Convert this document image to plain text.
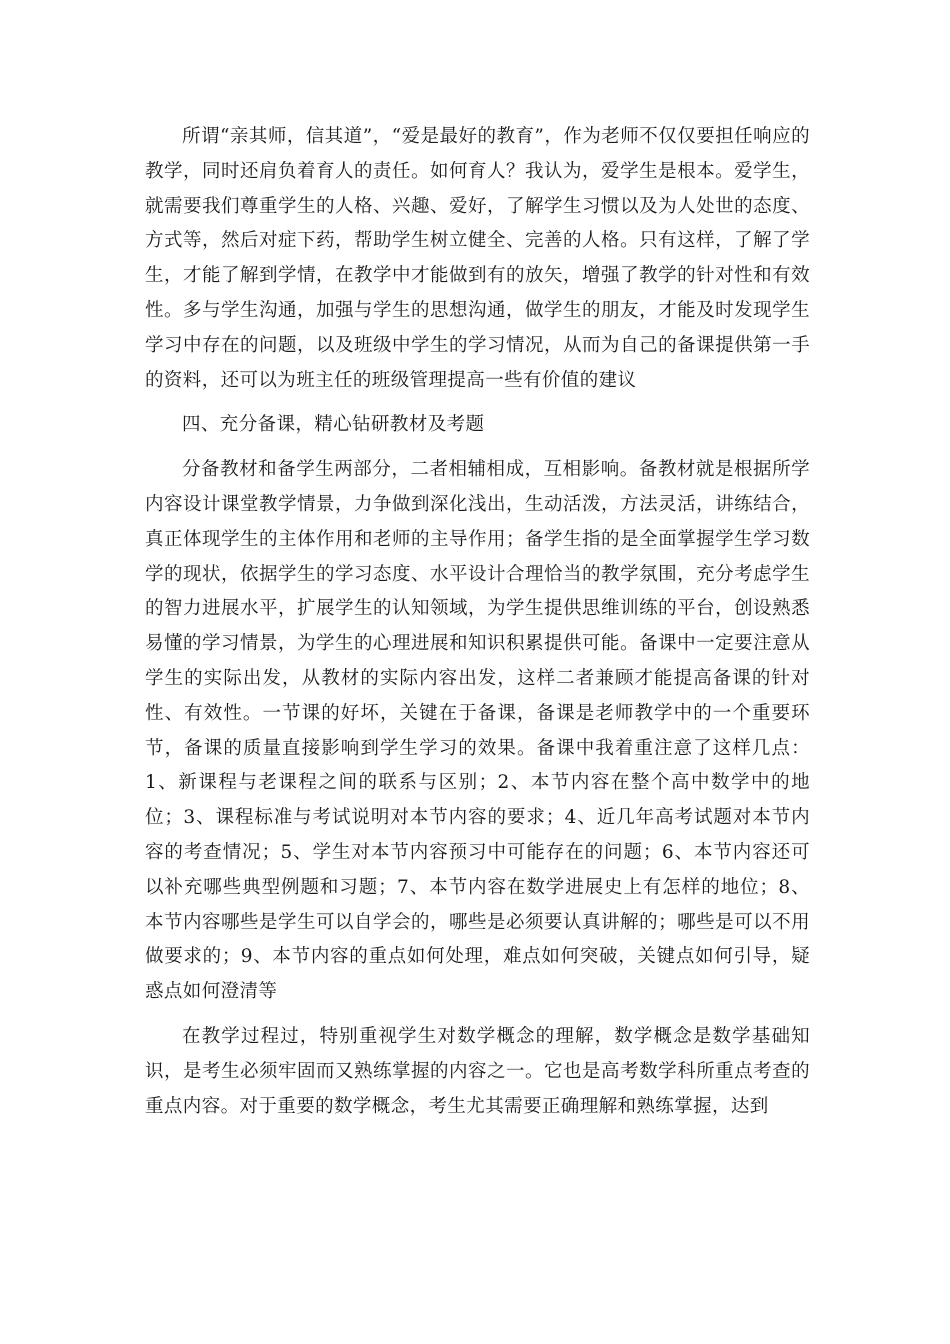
所谓“亲其师，信其道”，“爱是最好的教育”，作为老师不仅仅要担任响应的教学，同时还肩负着育人的责任。如何育人？我认为，爱学生是根本。爱学生，就需要我们尊重学生的人格、兴趣、爱好，了解学生习惯以及为人处世的态度、方式等，然后对症下药，帮助学生树立健全、完善的人格。只有这样，了解了学生，才能了解到学情，在教学中才能做到有的放矢，增强了教学的针对性和有效性。多与学生沟通，加强与学生的思想沟通，做学生的朋友，才能及时发现学生学习中存在的问题，以及班级中学生的学习情况，从而为自己的备课提供第一手的资料，还可以为班主任的班级管理提高一些有价值的建议

四、充分备课，精心钻研教材及考题

分备教材和备学生两部分，二者相辅相成，互相影响。备教材就是根据所学内容设计课堂教学情景，力争做到深化浅出，生动活泼，方法灵活，讲练结合，真正体现学生的主体作用和老师的主导作用；备学生指的是全面掌握学生学习数学的现状，依据学生的学习态度、水平设计合理恰当的教学氛围，充分考虑学生的智力进展水平，扩展学生的认知领域，为学生提供思维训练的平台，创设熟悉易懂的学习情景，为学生的心理进展和知识积累提供可能。备课中一定要注意从学生的实际出发，从教材的实际内容出发，这样二者兼顾才能提高备课的针对性、有效性。一节课的好坏，关键在于备课，备课是老师教学中的一个重要环节，备课的质量直接影响到学生学习的效果。备课中我着重注意了这样几点：1、新课程与老课程之间的联系与区别；2、本节内容在整个高中数学中的地位；3、课程标准与考试说明对本节内容的要求；4、近几年高考试题对本节内容的考查情况；5、学生对本节内容预习中可能存在的问题；6、本节内容还可以补充哪些典型例题和习题；7、本节内容在数学进展史上有怎样的地位；8、本节内容哪些是学生可以自学会的，哪些是必须要认真讲解的；哪些是可以不用做要求的；9、本节内容的重点如何处理，难点如何突破，关键点如何引导，疑惑点如何澄清等

在教学过程过，特别重视学生对数学概念的理解，数学概念是数学基础知识，是考生必须牢固而又熟练掌握的内容之一。它也是高考数学科所重点考查的重点内容。对于重要的数学概念，考生尤其需要正确理解和熟练掌握，达到
